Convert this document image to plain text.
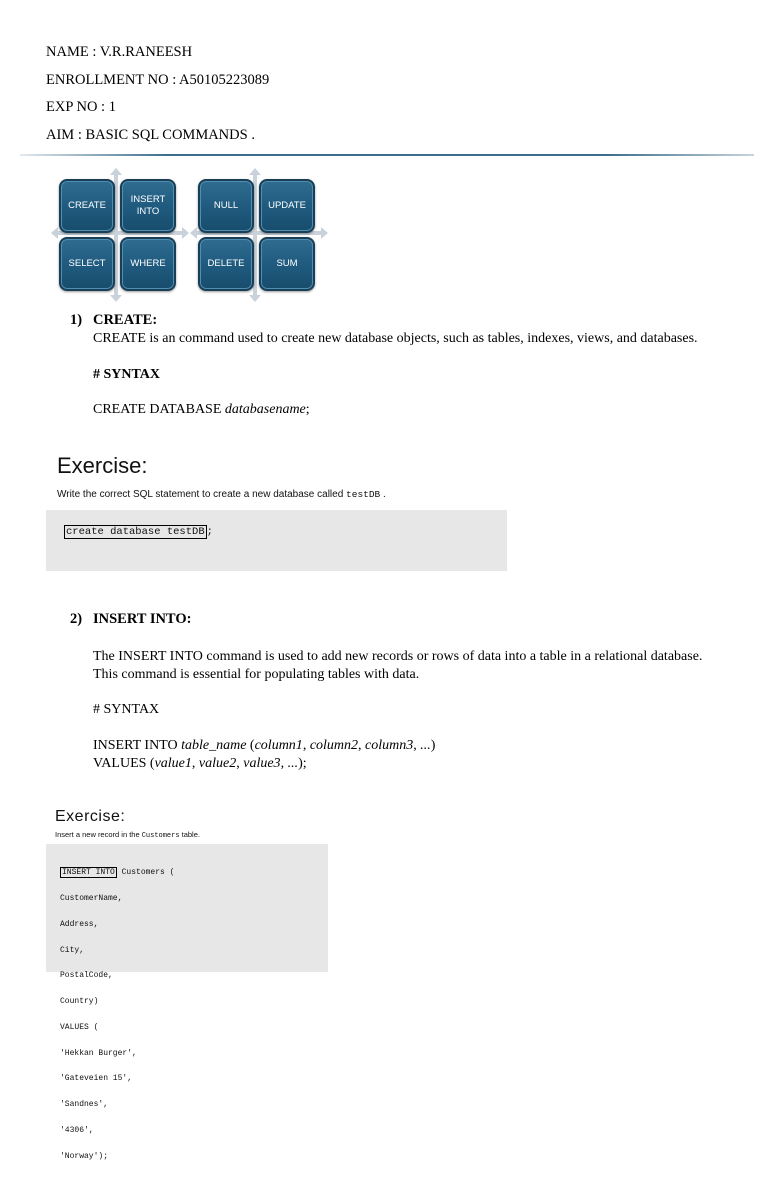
NAME : V.R.RANEESH
ENROLLMENT NO : A50105223089
EXP NO : 1
AIM : BASIC SQL COMMANDS .
CREATE
INSERT INTO
SELECT	WHERE
NULL	UPDATE
DELETE	SUM
1) CREATE:
CREATE is an command used to create new database objects, such as tables, indexes, views, and databases.
# SYNTAX
CREATE DATABASE databasename;
Exercise:
Write the correct SQL statement to create a new database called testDB .
create database testDB ;
2) INSERT INTO:
The INSERT INTO command is used to add new records or rows of data into a table in a relational database.
This command is essential for populating tables with data.
# SYNTAX
INSERT INTO table_name (column1, column2, column3, ...)
VALUES (value1, value2, value3, ...);
Exercise:
Insert a new record in the Customers table.

INSERT INTO Customers (

CustomerName,

Address,

City,

PostalCode,

Country)

VALUES (

'Hekkan Burger',

'Gateveien 15',

'Sandnes',

'4306',

'Norway');
